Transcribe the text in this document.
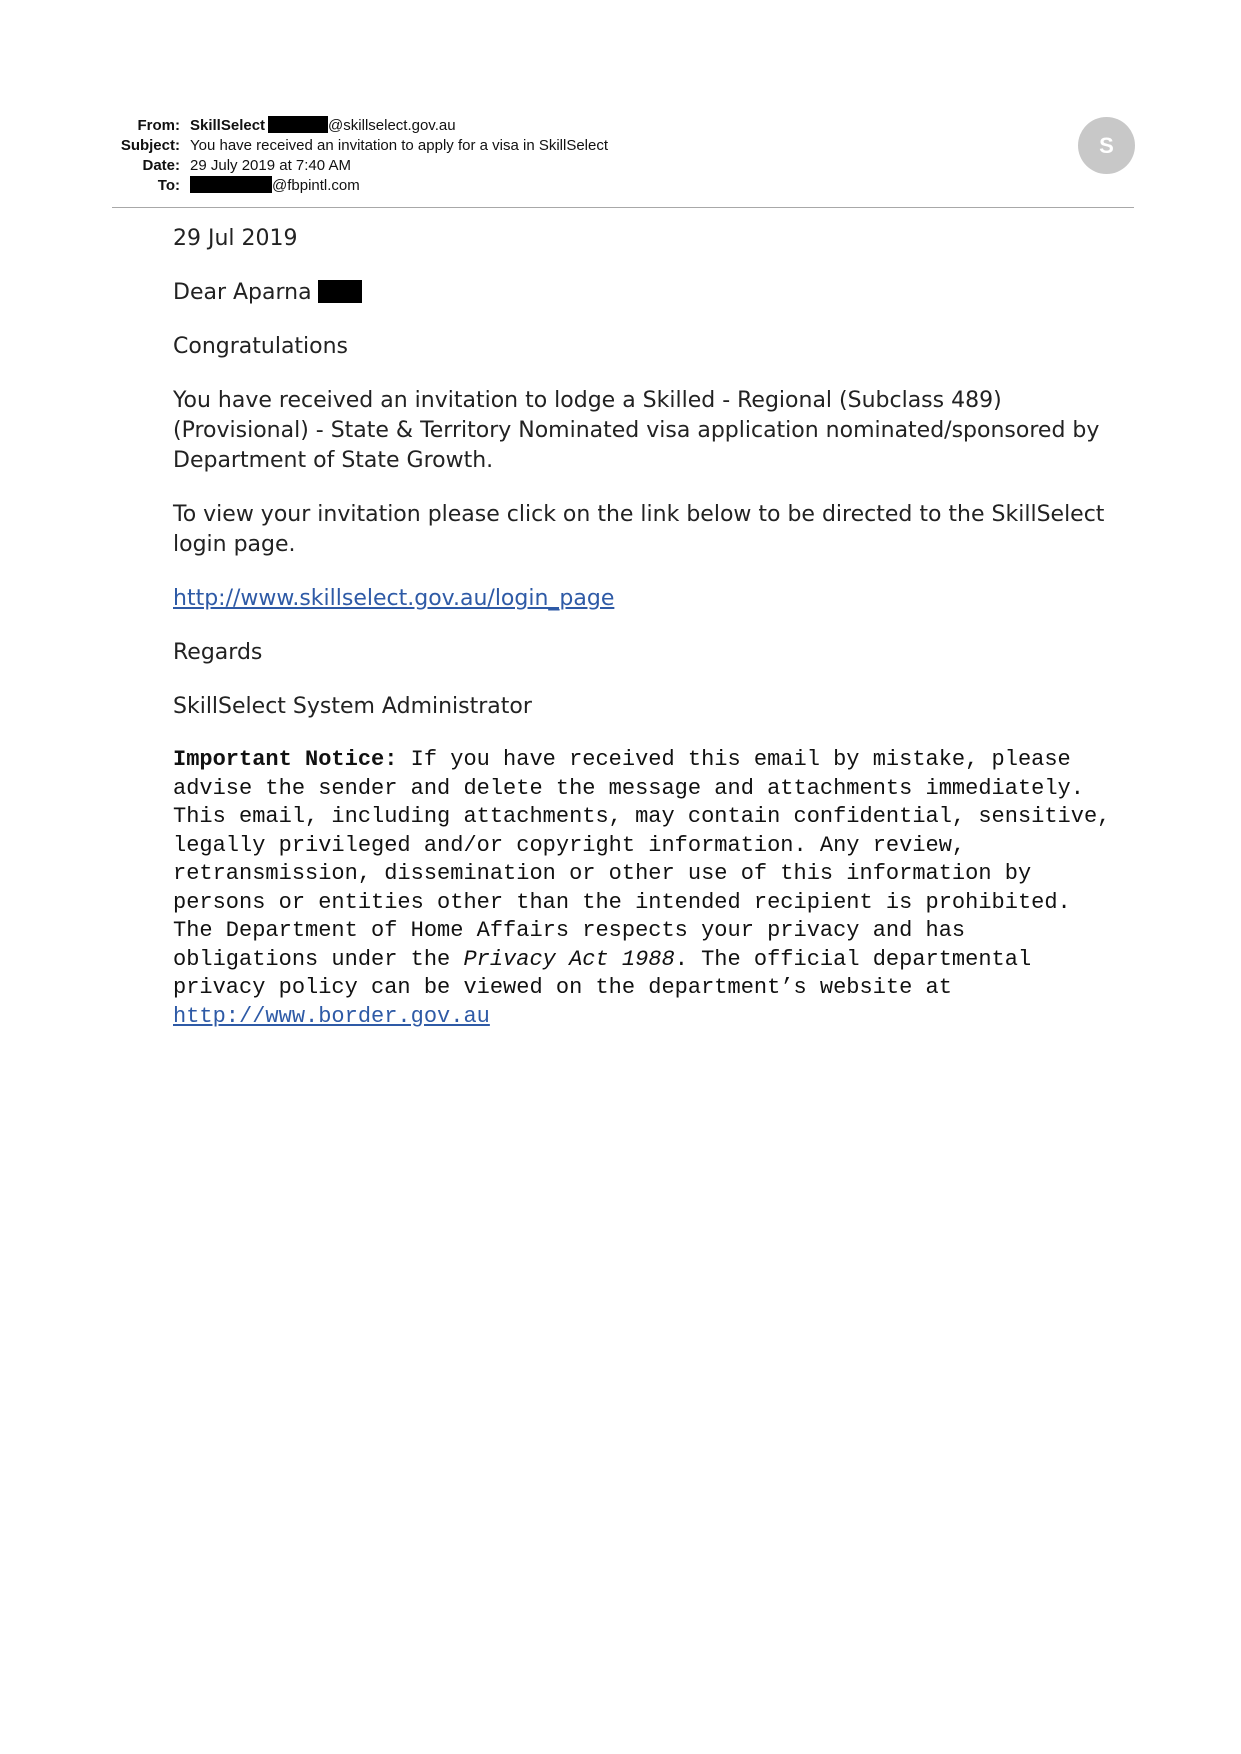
From: SkillSelect	@skillselect.gov.au
Subject: You have received an invitation to apply for a visa in SkillSelect
Date: 29 July 2019 at 7:40 AM
To:	@fbpintl.com
S

29 Jul 2019

Dear Aparna

Congratulations

You have received an invitation to lodge a Skilled - Regional (Subclass 489) (Provisional) - State & Territory Nominated visa application nominated/sponsored by Department of State Growth.

To view your invitation please click on the link below to be directed to the SkillSelect login page.

http://www.skillselect.gov.au/login_page

Regards

SkillSelect System Administrator

Important Notice: If you have received this email by mistake, please advise the sender and delete the message and attachments immediately. This email, including attachments, may contain confidential, sensitive, legally privileged and/or copyright information. Any review, retransmission, dissemination or other use of this information by persons or entities other than the intended recipient is prohibited. The Department of Home Affairs respects your privacy and has obligations under the Privacy Act 1988. The official departmental privacy policy can be viewed on the department’s website at
http://www.border.gov.au
